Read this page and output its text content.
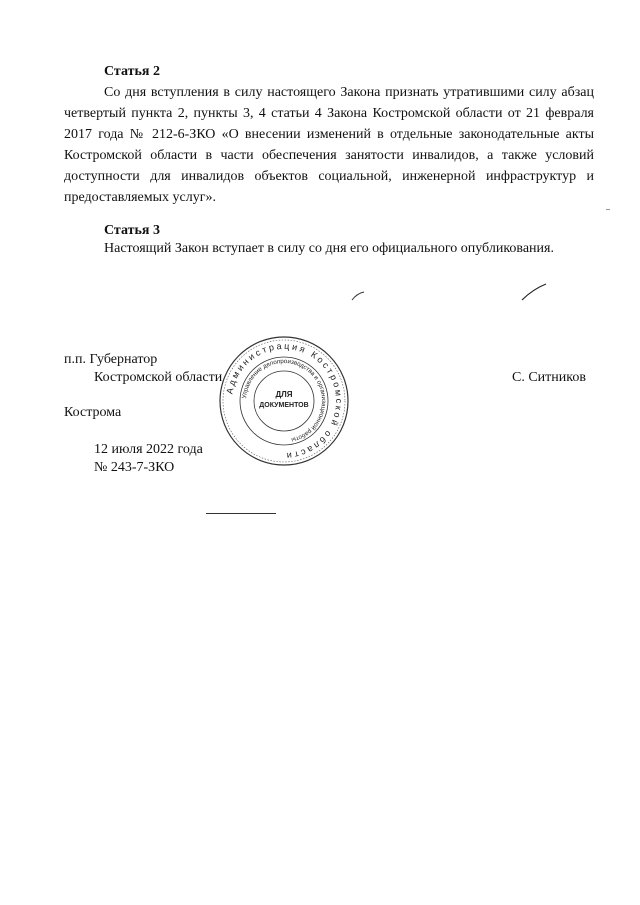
Статья 2

Со дня вступления в силу настоящего Закона признать утратившими силу абзац четвертый пункта 2, пункты 3, 4 статьи 4 Закона Костромской области от 21 февраля 2017 года № 212-6-ЗКО «О внесении изменений в отдельные законодательные акты Костромской области в части обеспечения занятости инвалидов, а также условий доступности для инвалидов объектов социальной, инженерной инфраструктур и предоставляемых услуг».

Статья 3
Настоящий Закон вступает в силу со дня его официального опубликования.
п.п. Губернатор
Костромской области	С. Ситников
Администрация Костромской области
Управление делопроизводства и организационной работы
ДЛЯ
ДОКУМЕНТОВ
Кострома
12 июля 2022 года
№ 243-7-ЗКО
